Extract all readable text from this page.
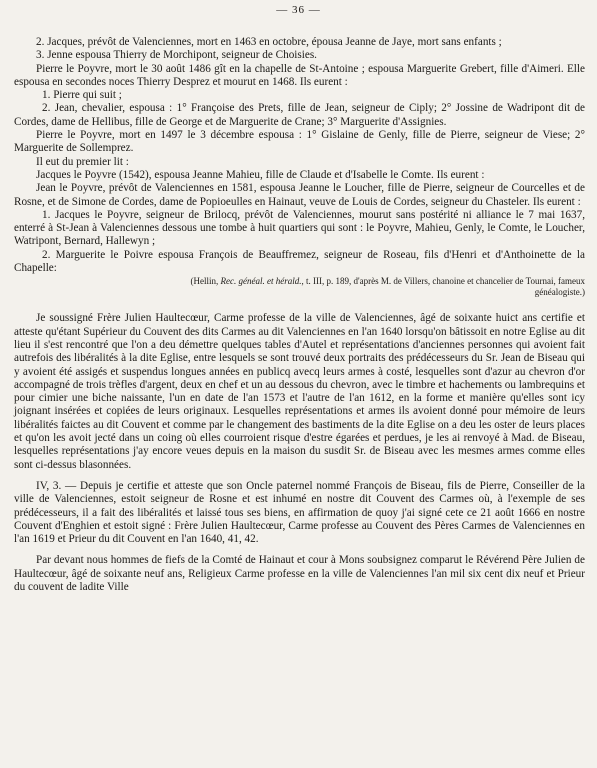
— 36 —

2. Jacques, prévôt de Valenciennes, mort en 1463 en octobre, épousa Jeanne de Jaye, mort sans enfants ;

3. Jenne espousa Thierry de Morchipont, seigneur de Choisies.

Pierre le Poyvre, mort le 30 août 1486 gît en la chapelle de St-Antoine ; espousa Marguerite Grebert, fille d'Aimeri. Elle espousa en secondes noces Thierry Desprez et mourut en 1468. Ils eurent :

1. Pierre qui suit ;

2. Jean, chevalier, espousa : 1° Françoise des Prets, fille de Jean, seigneur de Ciply; 2° Jossine de Wadripont dit de Cordes, dame de Hellibus, fille de George et de Marguerite de Crane; 3° Marguerite d'Assignies.

Pierre le Poyvre, mort en 1497 le 3 décembre espousa : 1° Gislaine de Genly, fille de Pierre, seigneur de Viese; 2° Marguerite de Sollemprez.

Il eut du premier lit :

Jacques le Poyvre (1542), espousa Jeanne Mahieu, fille de Claude et d'Isabelle le Comte. Ils eurent :

Jean le Poyvre, prévôt de Valenciennes en 1581, espousa Jeanne le Loucher, fille de Pierre, seigneur de Courcelles et de Rosne, et de Simone de Cordes, dame de Popioeulles en Hainaut, veuve de Louis de Cordes, seigneur du Chasteler. Ils eurent :

1. Jacques le Poyvre, seigneur de Brilocq, prévôt de Valenciennes, mourut sans postérité ni alliance le 7 mai 1637, enterré à St-Jean à Valenciennes dessous une tombe à huit quartiers qui sont : le Poyvre, Mahieu, Genly, le Comte, le Loucher, Watripont, Bernard, Hallewyn ;

2. Marguerite le Poivre espousa François de Beauffremez, seigneur de Roseau, fils d'Henri et d'Anthoinette de la Chapelle:

(Hellin, Rec. généal. et hérald., t. III, p. 189, d'après M. de Villers, chanoine et chancelier de Tournai, fameux généalogiste.)

Je soussigné Frère Julien Haultecœur, Carme professe de la ville de Valenciennes, âgé de soixante huict ans certifie et atteste qu'étant Supérieur du Couvent des dits Carmes au dit Valenciennes en l'an 1640 lorsqu'on bâtissoit en notre Eglise au dit lieu il s'est rencontré que l'on a deu démettre quelques tables d'Autel et représentations d'anciennes personnes qui avoient fait autrefois des libéralités à la dite Eglise, entre lesquels se sont trouvé deux portraits des prédécesseurs du Sr. Jean de Biseau qui y avoient été assigés et suspendus longues années en publicq avecq leurs armes à costé, lesquelles sont d'azur au chevron d'or accompagné de trois trèfles d'argent, deux en chef et un au dessous du chevron, avec le timbre et hachements ou lambrequins et pour cimier une biche naissante, l'un en date de l'an 1573 et l'autre de l'an 1612, en la forme et manière qu'elles sont icy joignant insérées et copiées de leurs originaux. Lesquelles représentations et armes ils avoient donné pour mémoire de leurs libéralités faictes au dit Couvent et comme par le changement des bastiments de la dite Eglise on a deu les oster de leurs places et qu'on les avoit jecté dans un coing où elles courroient risque d'estre égarées et perdues, je les ai renvoyé à Mad. de Biseau, lesquelles représentations j'ay encore veues depuis en la maison du susdit Sr. de Biseau avec les mesmes armes comme elles sont ci-dessus blasonnées.

IV, 3. — Depuis je certifie et atteste que son Oncle paternel nommé François de Biseau, fils de Pierre, Conseiller de la ville de Valenciennes, estoit seigneur de Rosne et est inhumé en nostre dit Couvent des Carmes où, à l'exemple de ses prédécesseurs, il a fait des libéralités et laissé tous ses biens, en affirmation de quoy j'ai signé cete ce 21 août 1666 en nostre Couvent d'Enghien et estoit signé : Frère Julien Haultecœur, Carme professe au Couvent des Pères Carmes de Valenciennes en l'an 1619 et Prieur du dit Couvent en l'an 1640, 41, 42.

Par devant nous hommes de fiefs de la Comté de Hainaut et cour à Mons soubsignez comparut le Révérend Père Julien de Haultecœur, âgé de soixante neuf ans, Religieux Carme professe en la ville de Valenciennes l'an mil six cent dix neuf et Prieur du couvent de ladite Ville
